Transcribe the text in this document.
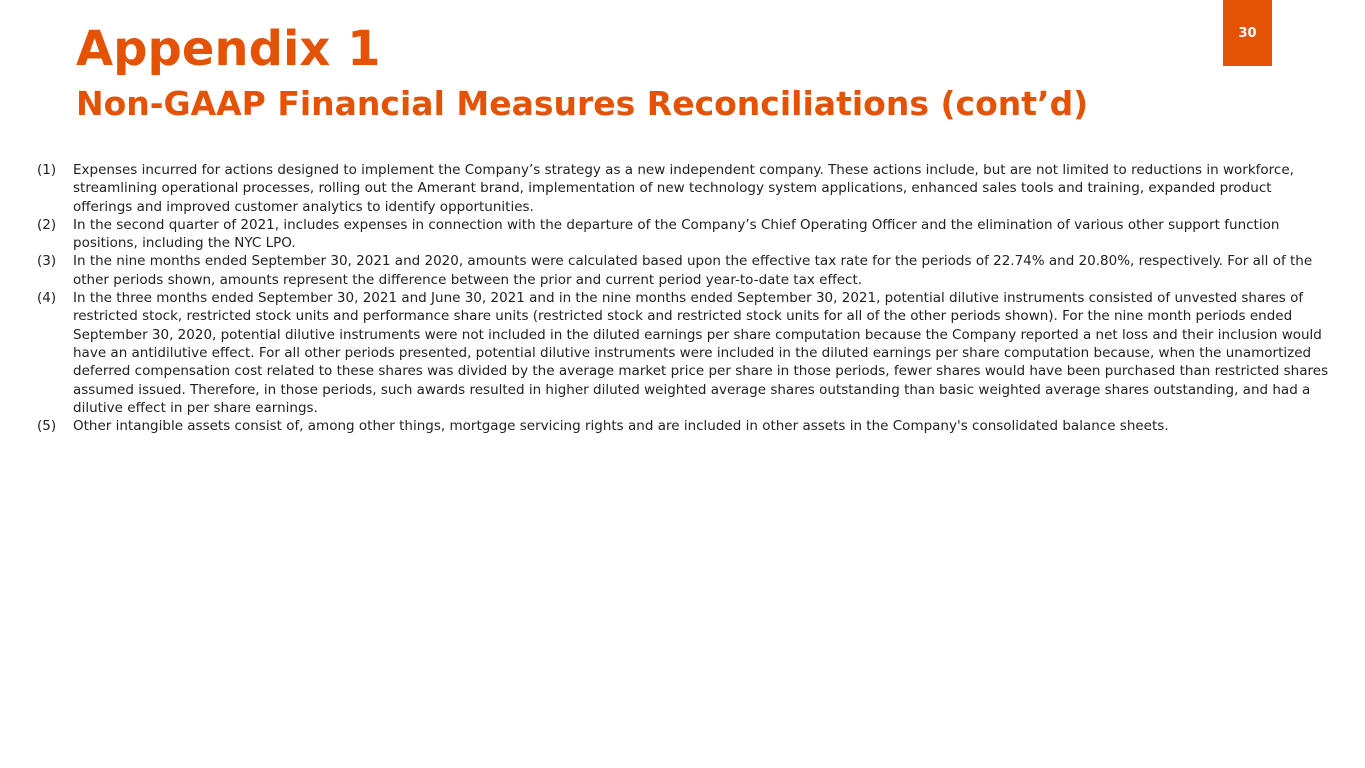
30
Appendix 1
Non-GAAP Financial Measures Reconciliations (cont’d)
(1) Expenses incurred for actions designed to implement the Company’s strategy as a new independent company. These actions include, but are not limited to reductions in workforce, streamlining operational processes, rolling out the Amerant brand, implementation of new technology system applications, enhanced sales tools and training, expanded product offerings and improved customer analytics to identify opportunities.
(2) In the second quarter of 2021, includes expenses in connection with the departure of the Company’s Chief Operating Officer and the elimination of various other support function positions, including the NYC LPO.
(3) In the nine months ended September 30, 2021 and 2020, amounts were calculated based upon the effective tax rate for the periods of 22.74% and 20.80%, respectively. For all of the other periods shown, amounts represent the difference between the prior and current period year-to-date tax effect.
(4) In the three months ended September 30, 2021 and June 30, 2021 and in the nine months ended September 30, 2021, potential dilutive instruments consisted of unvested shares of restricted stock, restricted stock units and performance share units (restricted stock and restricted stock units for all of the other periods shown). For the nine month periods ended September 30, 2020, potential dilutive instruments were not included in the diluted earnings per share computation because the Company reported a net loss and their inclusion would have an antidilutive effect. For all other periods presented, potential dilutive instruments were included in the diluted earnings per share computation because, when the unamortized deferred compensation cost related to these shares was divided by the average market price per share in those periods, fewer shares would have been purchased than restricted shares assumed issued. Therefore, in those periods, such awards resulted in higher diluted weighted average shares outstanding than basic weighted average shares outstanding, and had a dilutive effect in per share earnings.
(5) Other intangible assets consist of, among other things, mortgage servicing rights and are included in other assets in the Company's consolidated balance sheets.
